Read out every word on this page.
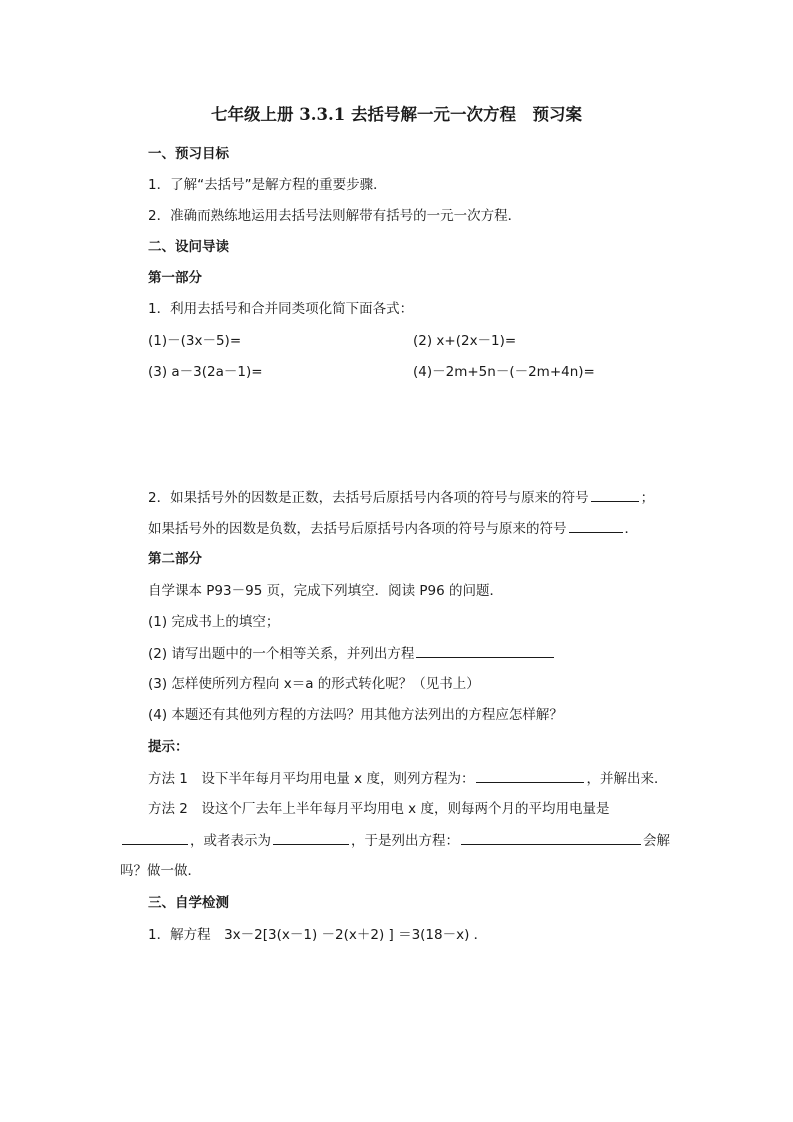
七年级上册 3.3.1 去括号解一元一次方程　预习案
一、预习目标
1．了解“去括号”是解方程的重要步骤．
2．准确而熟练地运用去括号法则解带有括号的一元一次方程．
二、设问导读
第一部分
1．利用去括号和合并同类项化简下面各式：
(1)－(3x－5)=	(2) x+(2x－1)=
(3) a－3(2a－1)=	(4)－2m+5n－(－2m+4n)=
2．如果括号外的因数是正数，去括号后原括号内各项的符号与原来的符号	；
如果括号外的因数是负数，去括号后原括号内各项的符号与原来的符号	．
第二部分
自学课本 P93－95 页，完成下列填空．阅读 P96 的问题．
(1) 完成书上的填空；
(2) 请写出题中的一个相等关系，并列出方程
(3) 怎样使所列方程向 x＝a 的形式转化呢？（见书上）
(4) 本题还有其他列方程的方法吗？用其他方法列出的方程应怎样解？
提示：
方法 1　设下半年每月平均用电量 x 度，则列方程为：	，并解出来．
方法 2　设这个厂去年上半年每月平均用电 x 度，则每两个月的平均用电量是
，或者表示为	，于是列出方程：	会解
吗？做一做．
三、自学检测
1．解方程　3x－2[3(x－1) －2(x＋2) ] ＝3(18－x) ．
